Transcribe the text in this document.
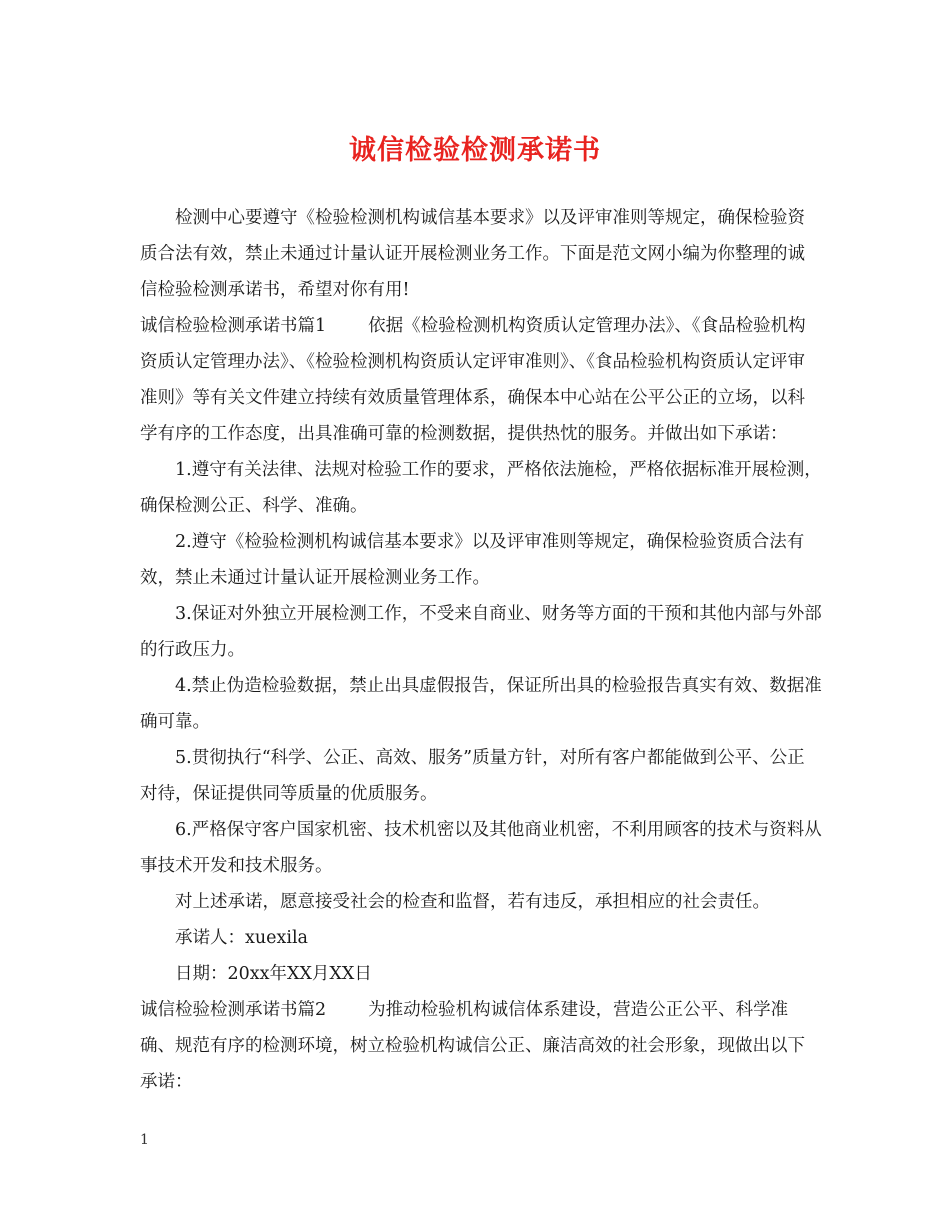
诚信检验检测承诺书

检测中心要遵守《检验检测机构诚信基本要求》以及评审准则等规定，确保检验资质合法有效，禁止未通过计量认证开展检测业务工作。下面是范文网小编为你整理的诚信检验检测承诺书，希望对你有用!

诚信检验检测承诺书篇1 依据《检验检测机构资质认定管理办法》、《食品检验机构资质认定管理办法》、《检验检测机构资质认定评审准则》、《食品检验机构资质认定评审准则》等有关文件建立持续有效质量管理体系，确保本中心站在公平公正的立场，以科学有序的工作态度，出具准确可靠的检测数据，提供热忱的服务。并做出如下承诺：

1.遵守有关法律、法规对检验工作的要求，严格依法施检，严格依据标准开展检测，确保检测公正、科学、准确。

2.遵守《检验检测机构诚信基本要求》以及评审准则等规定，确保检验资质合法有效，禁止未通过计量认证开展检测业务工作。

3.保证对外独立开展检测工作，不受来自商业、财务等方面的干预和其他内部与外部的行政压力。

4.禁止伪造检验数据，禁止出具虚假报告，保证所出具的检验报告真实有效、数据准确可靠。

5.贯彻执行“科学、公正、高效、服务”质量方针，对所有客户都能做到公平、公正对待，保证提供同等质量的优质服务。

6.严格保守客户国家机密、技术机密以及其他商业机密，不利用顾客的技术与资料从事技术开发和技术服务。

对上述承诺，愿意接受社会的检查和监督，若有违反，承担相应的社会责任。

承诺人：xuexila

日期：20xx年XX月XX日

诚信检验检测承诺书篇2 为推动检验机构诚信体系建设，营造公正公平、科学准确、规范有序的检测环境，树立检验机构诚信公正、廉洁高效的社会形象，现做出以下承诺：

1
